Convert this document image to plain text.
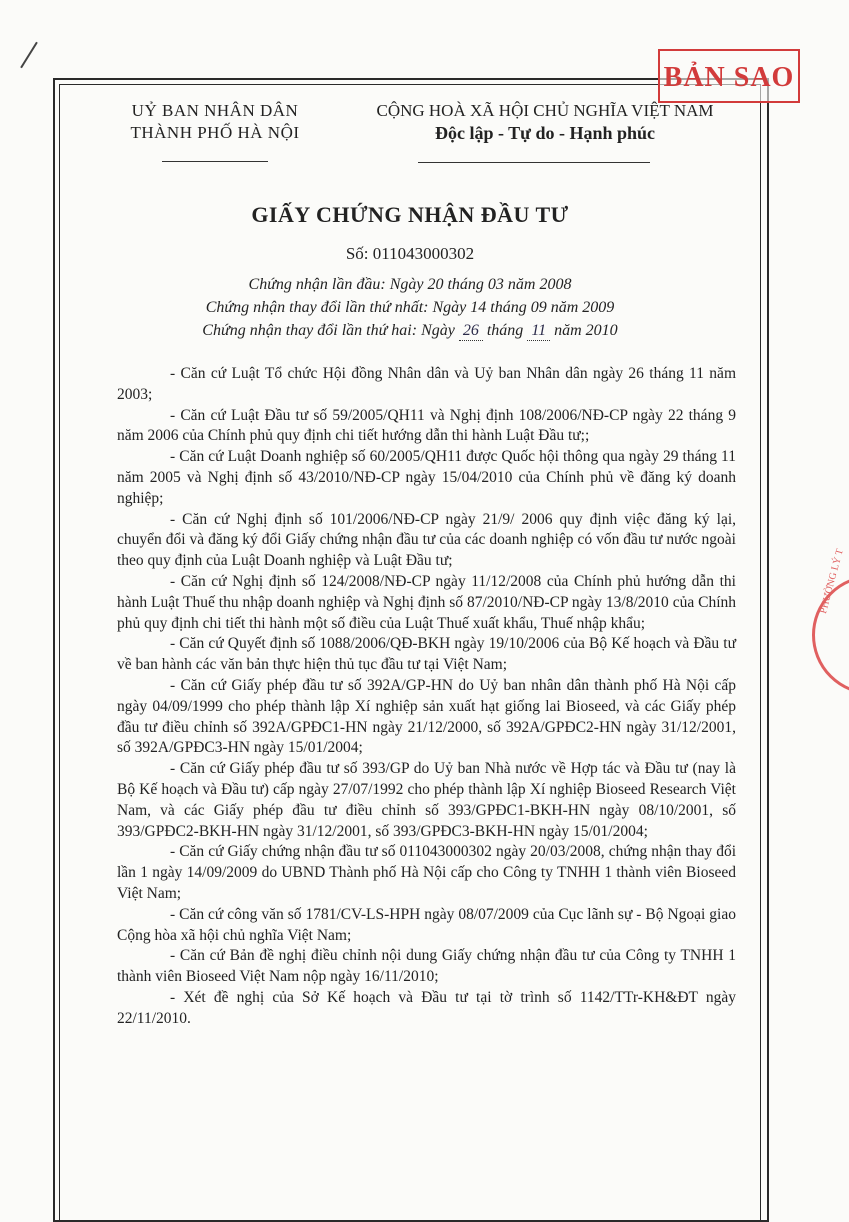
BẢN SAO
PHƯỜNG LÝ T
UỶ BAN NHÂN DÂN
THÀNH PHỐ HÀ NỘI
CỘNG HOÀ XÃ HỘI CHỦ NGHĨA VIỆT NAM
Độc lập - Tự do - Hạnh phúc
GIẤY CHỨNG NHẬN ĐẦU TƯ
Số: 011043000302
Chứng nhận lần đầu: Ngày 20 tháng 03 năm 2008
Chứng nhận thay đổi lần thứ nhất: Ngày 14 tháng 09 năm 2009
Chứng nhận thay đổi lần thứ hai: Ngày 26 tháng 11 năm 2010

- Căn cứ Luật Tổ chức Hội đồng Nhân dân và Uỷ ban Nhân dân ngày 26 tháng 11 năm 2003;

- Căn cứ Luật Đầu tư số 59/2005/QH11 và Nghị định 108/2006/NĐ-CP ngày 22 tháng 9 năm 2006 của Chính phủ quy định chi tiết hướng dẫn thi hành Luật Đầu tư;;

- Căn cứ Luật Doanh nghiệp số 60/2005/QH11 được Quốc hội thông qua ngày 29 tháng 11 năm 2005 và Nghị định số 43/2010/NĐ-CP ngày 15/04/2010 của Chính phủ về đăng ký doanh nghiệp;

- Căn cứ Nghị định số 101/2006/NĐ-CP ngày 21/9/ 2006 quy định việc đăng ký lại, chuyển đổi và đăng ký đổi Giấy chứng nhận đầu tư của các doanh nghiệp có vốn đầu tư nước ngoài theo quy định của Luật Doanh nghiệp và Luật Đầu tư;

- Căn cứ Nghị định số 124/2008/NĐ-CP ngày 11/12/2008 của Chính phủ hướng dẫn thi hành Luật Thuế thu nhập doanh nghiệp và Nghị định số 87/2010/NĐ-CP ngày 13/8/2010 của Chính phủ quy định chi tiết thi hành một số điều của Luật Thuế xuất khẩu, Thuế nhập khẩu;

- Căn cứ Quyết định số 1088/2006/QĐ-BKH ngày 19/10/2006 của Bộ Kế hoạch và Đầu tư về ban hành các văn bản thực hiện thủ tục đầu tư tại Việt Nam;

- Căn cứ Giấy phép đầu tư số 392A/GP-HN do Uỷ ban nhân dân thành phố Hà Nội cấp ngày 04/09/1999 cho phép thành lập Xí nghiệp sản xuất hạt giống lai Bioseed, và các Giấy phép đầu tư điều chỉnh số 392A/GPĐC1-HN ngày 21/12/2000, số 392A/GPĐC2-HN ngày 31/12/2001, số 392A/GPĐC3-HN ngày 15/01/2004;

- Căn cứ Giấy phép đầu tư số 393/GP do Uỷ ban Nhà nước về Hợp tác và Đầu tư (nay là Bộ Kế hoạch và Đầu tư) cấp ngày 27/07/1992 cho phép thành lập Xí nghiệp Bioseed Research Việt Nam, và các Giấy phép đầu tư điều chỉnh số 393/GPĐC1-BKH-HN ngày 08/10/2001, số 393/GPĐC2-BKH-HN ngày 31/12/2001, số 393/GPĐC3-BKH-HN ngày 15/01/2004;

- Căn cứ Giấy chứng nhận đầu tư số 011043000302 ngày 20/03/2008, chứng nhận thay đổi lần 1 ngày 14/09/2009 do UBND Thành phố Hà Nội cấp cho Công ty TNHH 1 thành viên Bioseed Việt Nam;

- Căn cứ công văn số 1781/CV-LS-HPH ngày 08/07/2009 của Cục lãnh sự - Bộ Ngoại giao Cộng hòa xã hội chủ nghĩa Việt Nam;

- Căn cứ Bản đề nghị điều chỉnh nội dung Giấy chứng nhận đầu tư của Công ty TNHH 1 thành viên Bioseed Việt Nam nộp ngày 16/11/2010;

- Xét đề nghị của Sở Kế hoạch và Đầu tư tại tờ trình số 1142/TTr-KH&ĐT ngày 22/11/2010.
